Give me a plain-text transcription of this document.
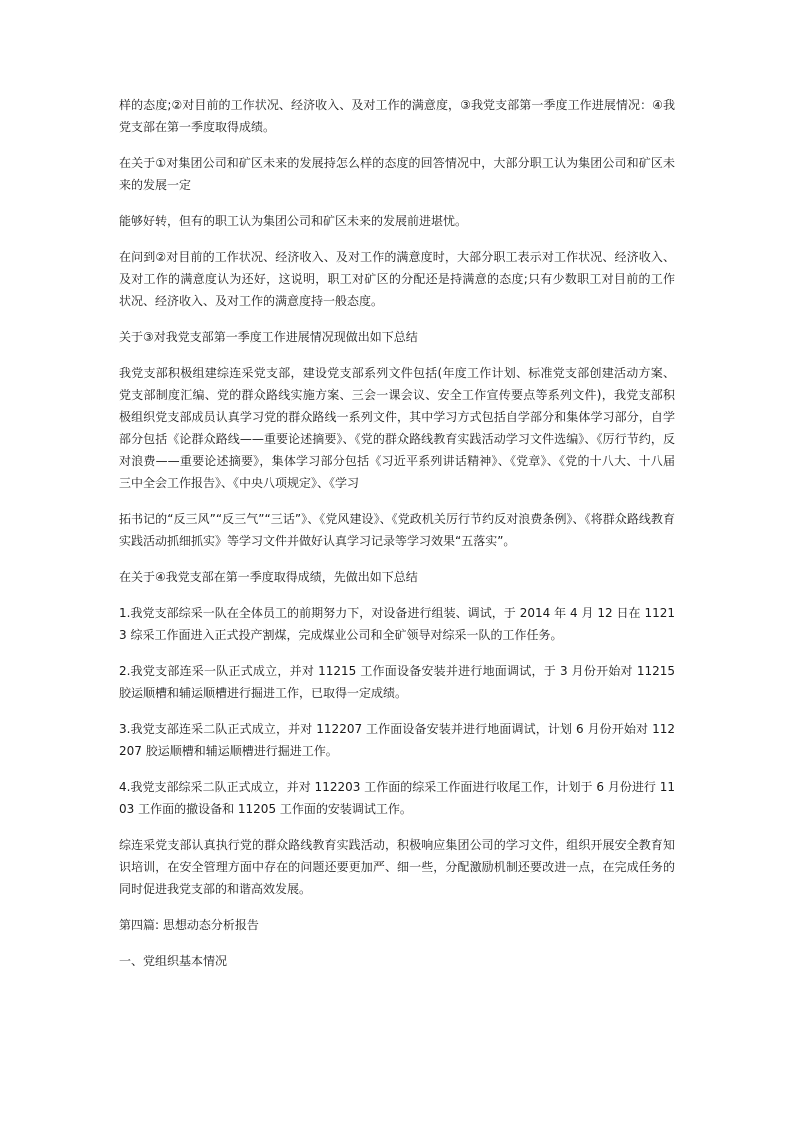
样的态度;②对目前的工作状况、经济收入、及对工作的满意度，③我党支部第一季度工作进展情况：④我党支部在第一季度取得成绩。

在关于①对集团公司和矿区未来的发展持怎么样的态度的回答情况中，大部分职工认为集团公司和矿区未来的发展一定

能够好转，但有的职工认为集团公司和矿区未来的发展前进堪忧。

在问到②对目前的工作状况、经济收入、及对工作的满意度时，大部分职工表示对工作状况、经济收入、及对工作的满意度认为还好，这说明，职工对矿区的分配还是持满意的态度;只有少数职工对目前的工作状况、经济收入、及对工作的满意度持一般态度。

关于③对我党支部第一季度工作进展情况现做出如下总结

我党支部积极组建综连采党支部，建设党支部系列文件包括(年度工作计划、标准党支部创建活动方案、党支部制度汇编、党的群众路线实施方案、三会一课会议、安全工作宣传要点等系列文件)，我党支部积极组织党支部成员认真学习党的群众路线一系列文件，其中学习方式包括自学部分和集体学习部分，自学部分包括《论群众路线——重要论述摘要》、《党的群众路线教育实践活动学习文件选编》、《厉行节约，反对浪费——重要论述摘要》，集体学习部分包括《习近平系列讲话精神》、《党章》、《党的十八大、十八届三中全会工作报告》、《中央八项规定》、《学习

拓书记的“反三风”“反三气”“三话”》、《党风建设》、《党政机关厉行节约反对浪费条例》、《将群众路线教育实践活动抓细抓实》等学习文件并做好认真学习记录等学习效果“五落实”。

在关于④我党支部在第一季度取得成绩，先做出如下总结

1.我党支部综采一队在全体员工的前期努力下，对设备进行组装、调试，于 2014 年 4 月 12 日在 11213 综采工作面进入正式投产割煤，完成煤业公司和全矿领导对综采一队的工作任务。

2.我党支部连采一队正式成立，并对 11215 工作面设备安装并进行地面调试，于 3 月份开始对 11215 胶运顺槽和辅运顺槽进行掘进工作，已取得一定成绩。

3.我党支部连采二队正式成立，并对 112207 工作面设备安装并进行地面调试，计划 6 月份开始对 112207 胶运顺槽和辅运顺槽进行掘进工作。

4.我党支部综采二队正式成立，并对 112203 工作面的综采工作面进行收尾工作，计划于 6 月份进行 1103 工作面的撤设备和 11205 工作面的安装调试工作。

综连采党支部认真执行党的群众路线教育实践活动，积极响应集团公司的学习文件，组织开展安全教育知识培训，在安全管理方面中存在的问题还要更加严、细一些，分配激励机制还要改进一点，在完成任务的同时促进我党支部的和谐高效发展。

第四篇: 思想动态分析报告

一、党组织基本情况
